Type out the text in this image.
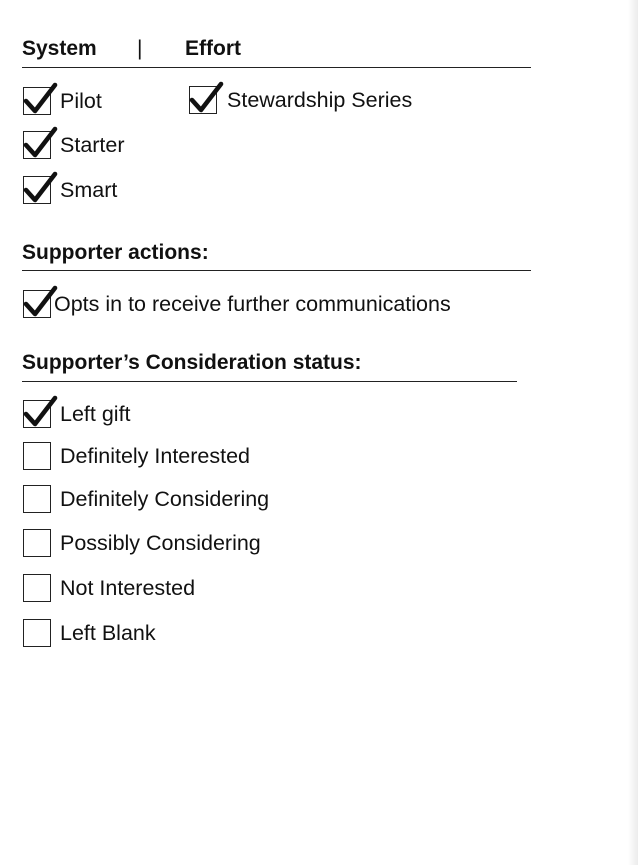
System | Effort
Pilot
Starter
Smart
Stewardship Series
Supporter actions:
Opts in to receive further communications
Supporter’s Consideration status:
Left gift
Definitely Interested
Definitely Considering
Possibly Considering
Not Interested
Left Blank
